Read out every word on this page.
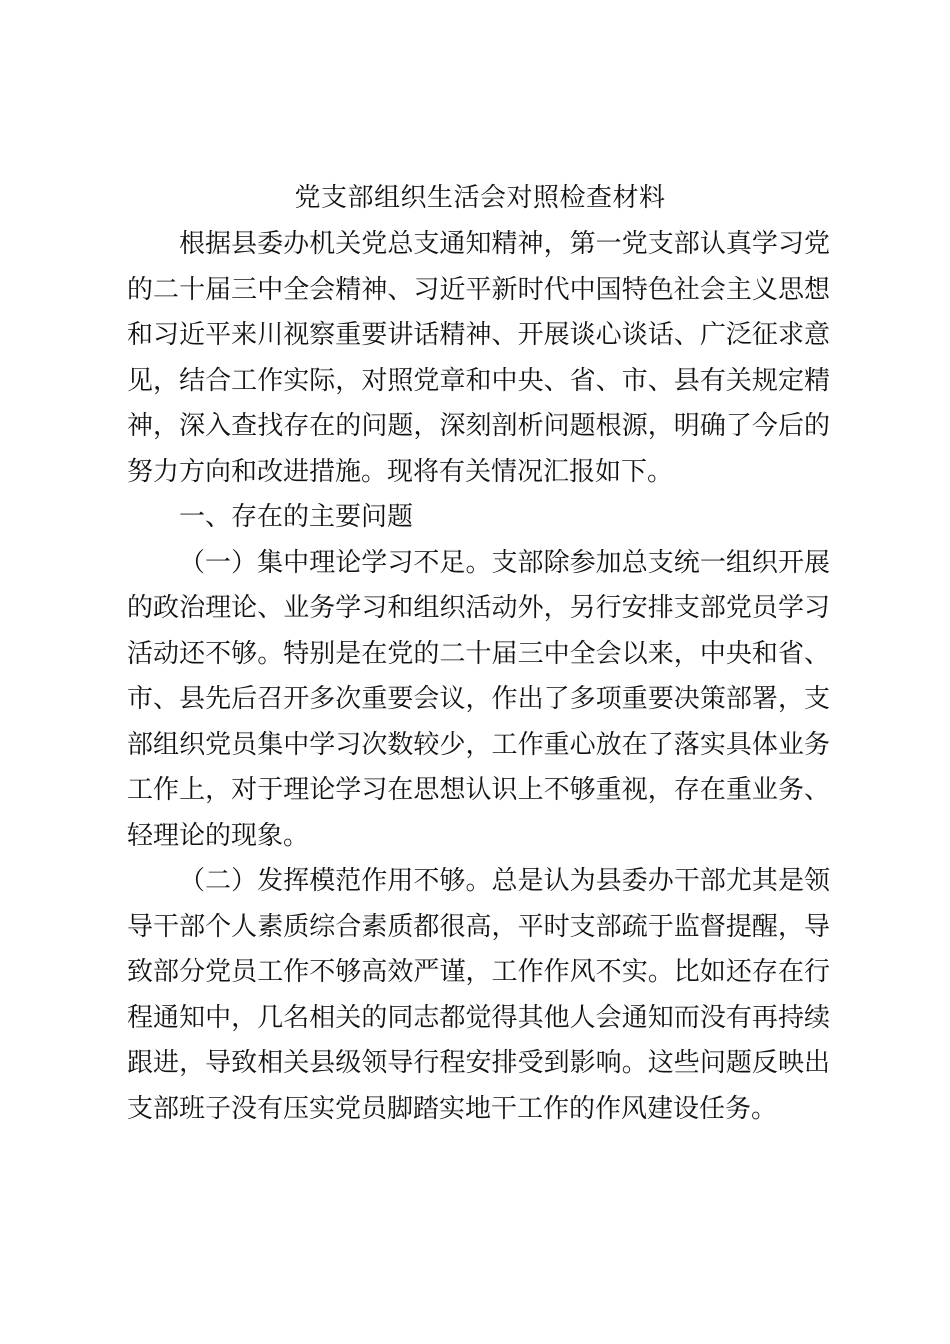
党支部组织生活会对照检查材料

根据县委办机关党总支通知精神，第一党支部认真学习党的二十届三中全会精神、习近平新时代中国特色社会主义思想和习近平来川视察重要讲话精神、开展谈心谈话、广泛征求意见，结合工作实际，对照党章和中央、省、市、县有关规定精神，深入查找存在的问题，深刻剖析问题根源，明确了今后的努力方向和改进措施。现将有关情况汇报如下。

一、存在的主要问题

（一）集中理论学习不足。支部除参加总支统一组织开展的政治理论、业务学习和组织活动外，另行安排支部党员学习活动还不够。特别是在党的二十届三中全会以来，中央和省、市、县先后召开多次重要会议，作出了多项重要决策部署，支部组织党员集中学习次数较少，工作重心放在了落实具体业务工作上，对于理论学习在思想认识上不够重视，存在重业务、轻理论的现象。

（二）发挥模范作用不够。总是认为县委办干部尤其是领导干部个人素质综合素质都很高，平时支部疏于监督提醒，导致部分党员工作不够高效严谨，工作作风不实。比如还存在行程通知中，几名相关的同志都觉得其他人会通知而没有再持续跟进，导致相关县级领导行程安排受到影响。这些问题反映出支部班子没有压实党员脚踏实地干工作的作风建设任务。
